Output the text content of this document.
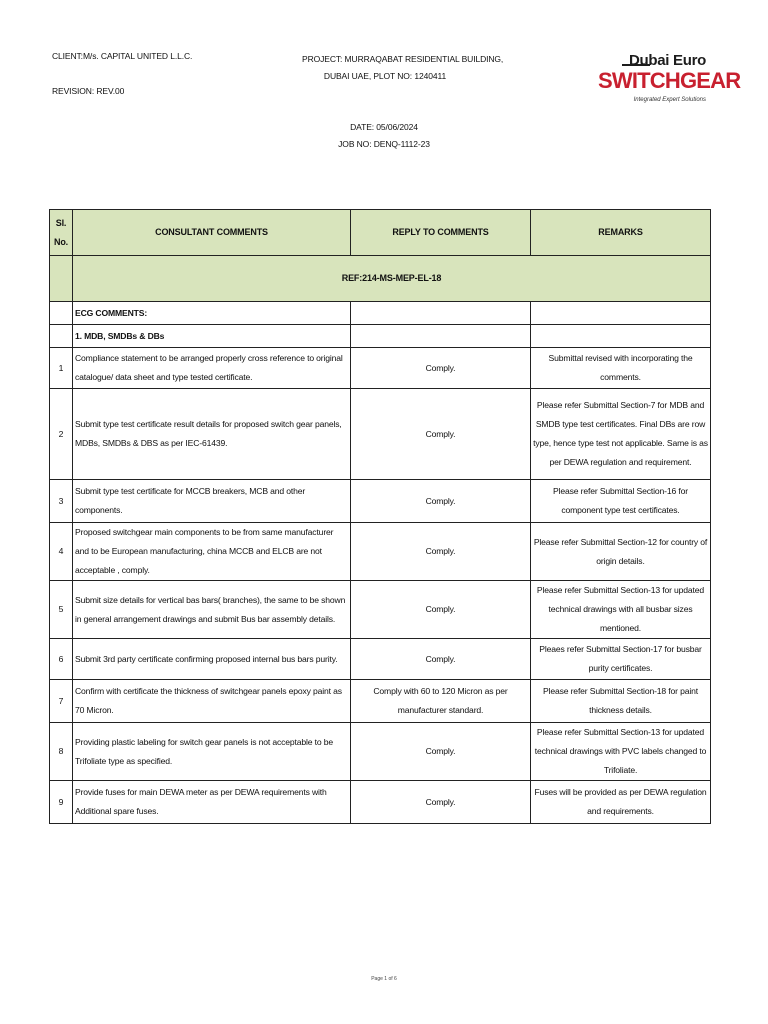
CLIENT:M/s. CAPITAL UNITED L.L.C.
REVISION: REV.00
PROJECT: MURRAQABAT RESIDENTIAL BUILDING,
DUBAI UAE, PLOT NO: 1240411
DATE: 05/06/2024
JOB NO: DENQ-1112-23
Dubai Euro
SWITCHGEAR
Integrated Expert Solutions
Sl. No.	CONSULTANT COMMENTS	REPLY TO COMMENTS	REMARKS
	REF:214-MS-MEP-EL-18		
	ECG COMMENTS:		
	1. MDB, SMDBs & DBs		
1	Compliance statement to be arranged properly cross reference to original catalogue/ data sheet and type tested certificate.	Comply.	Submittal revised with incorporating the comments.
2	Submit type test certificate result details for proposed switch gear panels, MDBs, SMDBs & DBS as per IEC-61439.	Comply.	Please refer Submittal Section-7 for MDB and SMDB type test certificates. Final DBs are row type, hence type test not applicable. Same is as per DEWA regulation and requirement.
3	Submit type test certificate for MCCB breakers, MCB and other components.	Comply.	Please refer Submittal Section-16 for component type test certificates.
4	Proposed switchgear main components to be from same manufacturer and to be European manufacturing, china MCCB and ELCB are not acceptable , comply.	Comply.	Please refer Submittal Section-12 for country of origin details.
5	Submit size details for vertical bas bars( branches), the same to be shown in general arrangement drawings and submit Bus bar assembly details.	Comply.	Please refer Submittal Section-13 for updated technical drawings with all busbar sizes mentioned.
6	Submit 3rd party certificate confirming proposed internal bus bars purity.	Comply.	Pleaes refer Submittal Section-17 for busbar purity certificates.
7	Confirm with certificate the thickness of switchgear panels epoxy paint as 70 Micron.	Comply with 60 to 120 Micron as per manufacturer standard.	Please refer Submittal Section-18 for paint thickness details.
8	Providing plastic labeling for switch gear panels is not acceptable to be Trifoliate type as specified.	Comply.	Please refer Submittal Section-13 for updated technical drawings with PVC labels changed to Trifoliate.
9	Provide fuses for main DEWA meter as per DEWA requirements with Additional spare fuses.	Comply.	Fuses will be provided as per DEWA regulation and requirements.
Page 1 of 6
